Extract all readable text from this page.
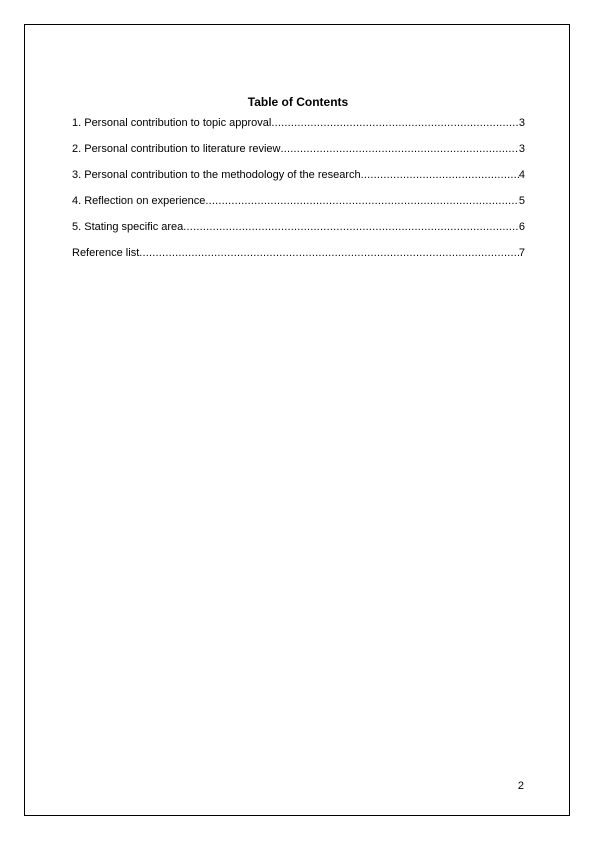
Table of Contents
1. Personal contribution to topic approval .....	3
2. Personal contribution to literature review .....	3
3. Personal contribution to the methodology of the research .....	4
4. Reflection on experience .....	5
5. Stating specific area .....	6
Reference list .....	7
2
